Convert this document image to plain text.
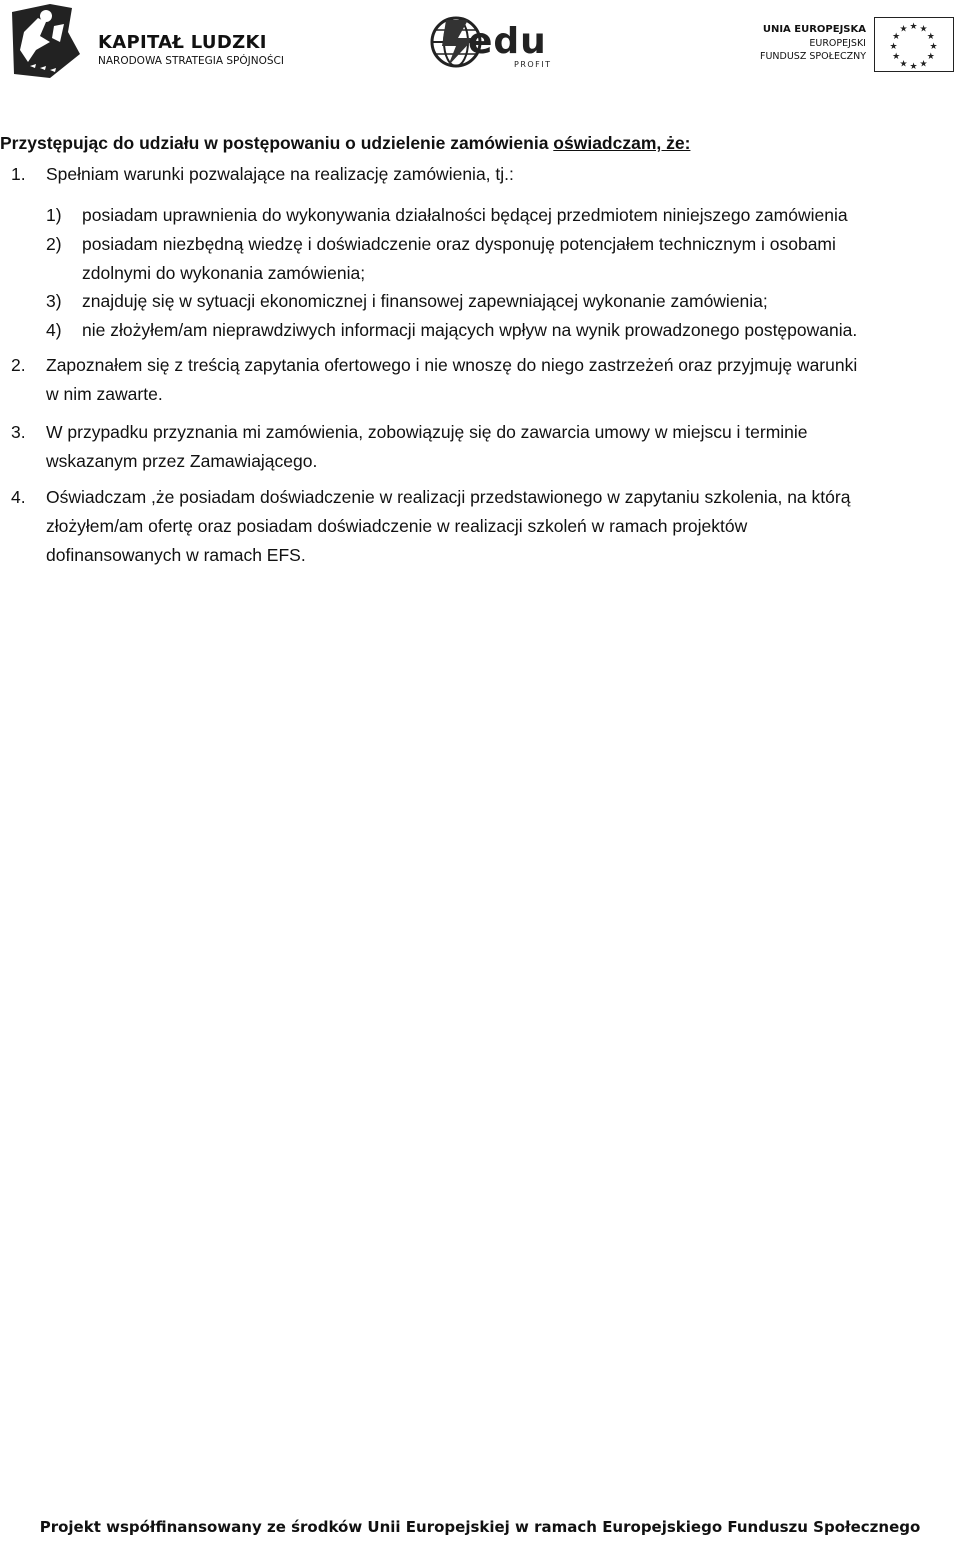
KAPITAŁ LUDZKI
NARODOWA STRATEGIA SPÓJNOŚCI	edu
PROFIT
UNIA EUROPEJSKA
EUROPEJSKI
FUNDUSZ SPOŁECZNY
★ ★
★
★
★
★
★
★
★
★
★
★
Przystępując do udziału w postępowaniu o udzielenie zamówienia oświadczam, że:
1. Spełniam warunki pozwalające na realizację zamówienia, tj.:
1) posiadam uprawnienia do wykonywania działalności będącej przedmiotem niniejszego zamówienia
2) posiadam niezbędną wiedzę i doświadczenie oraz dysponuję potencjałem technicznym i osobami
zdolnymi do wykonania zamówienia;
3) znajduję się w sytuacji ekonomicznej i finansowej zapewniającej wykonanie zamówienia;
4) nie złożyłem/am nieprawdziwych informacji mających wpływ na wynik prowadzonego postępowania.
2. Zapoznałem się z treścią zapytania ofertowego i nie wnoszę do niego zastrzeżeń oraz przyjmuję warunki
w nim zawarte.
3. W przypadku przyznania mi zamówienia, zobowiązuję się do zawarcia umowy w miejscu i terminie
wskazanym przez Zamawiającego.
4. Oświadczam ,że posiadam doświadczenie w realizacji przedstawionego w zapytaniu szkolenia, na którą
złożyłem/am ofertę oraz posiadam doświadczenie w realizacji szkoleń w ramach projektów
dofinansowanych w ramach EFS.
Projekt współfinansowany ze środków Unii Europejskiej w ramach Europejskiego Funduszu Społecznego
